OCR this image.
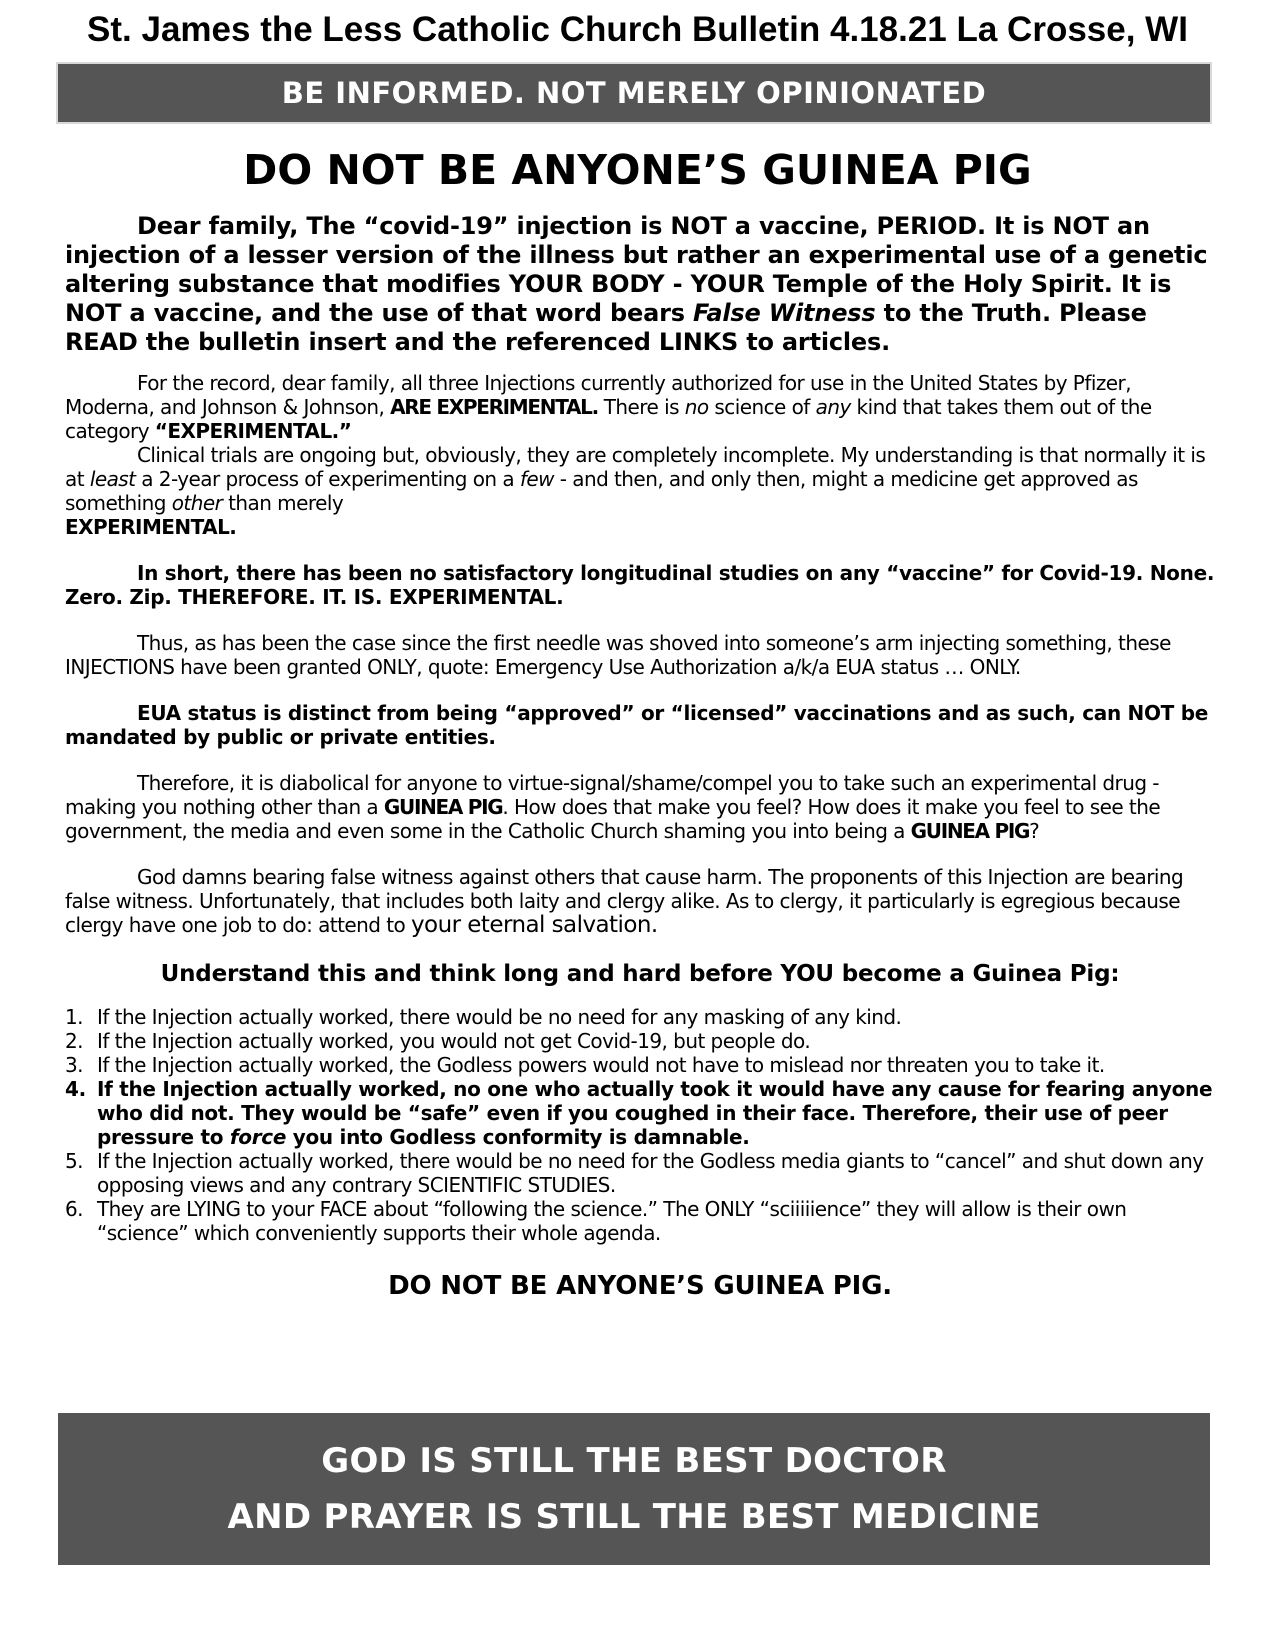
St. James the Less Catholic Church Bulletin 4.18.21 La Crosse, WI
BE INFORMED. NOT MERELY OPINIONATED
DO NOT BE ANYONE’S GUINEA PIG

Dear family, The “covid-19” injection is NOT a vaccine, PERIOD. It is NOT an injection of a lesser version of the illness but rather an experimental use of a genetic altering substance that modifies YOUR BODY - YOUR Temple of the Holy Spirit. It is NOT a vaccine, and the use of that word bears False Witness to the Truth. Please READ the bulletin insert and the referenced LINKS to articles.

For the record, dear family, all three Injections currently authorized for use in the United States by Pfizer, Moderna, and Johnson & Johnson, ARE EXPERIMENTAL. There is no science of any kind that takes them out of the category “EXPERIMENTAL.”

Clinical trials are ongoing but, obviously, they are completely incomplete. My understanding is that normally it is at least a 2-year process of experimenting on a few - and then, and only then, might a medicine get approved as something other than merely
EXPERIMENTAL.

In short, there has been no satisfactory longitudinal studies on any “vaccine” for Covid-19. None. Zero. Zip. THEREFORE. IT. IS. EXPERIMENTAL.

Thus, as has been the case since the first needle was shoved into someone’s arm injecting something, these INJECTIONS have been granted ONLY, quote: Emergency Use Authorization a/k/a EUA status … ONLY.

EUA status is distinct from being “approved” or “licensed” vaccinations and as such, can NOT be mandated by public or private entities.

Therefore, it is diabolical for anyone to virtue-signal/shame/compel you to take such an experimental drug - making you nothing other than a GUINEA PIG. How does that make you feel? How does it make you feel to see the government, the media and even some in the Catholic Church shaming you into being a GUINEA PIG?

God damns bearing false witness against others that cause harm. The proponents of this Injection are bearing false witness. Unfortunately, that includes both laity and clergy alike. As to clergy, it particularly is egregious because clergy have one job to do: attend to your eternal salvation.

Understand this and think long and hard before YOU become a Guinea Pig:
1. If the Injection actually worked, there would be no need for any masking of any kind.
2. If the Injection actually worked, you would not get Covid-19, but people do.
3. If the Injection actually worked, the Godless powers would not have to mislead nor threaten you to take it.
4. If the Injection actually worked, no one who actually took it would have any cause for fearing anyone who did not. They would be “safe” even if you coughed in their face. Therefore, their use of peer pressure to force you into Godless conformity is damnable.
5. If the Injection actually worked, there would be no need for the Godless media giants to “cancel” and shut down any opposing views and any contrary SCIENTIFIC STUDIES.
6. They are LYING to your FACE about “following the science.” The ONLY “sciiiiience” they will allow is their own “science” which conveniently supports their whole agenda.
DO NOT BE ANYONE’S GUINEA PIG.
GOD IS STILL THE BEST DOCTOR
AND PRAYER IS STILL THE BEST MEDICINE
